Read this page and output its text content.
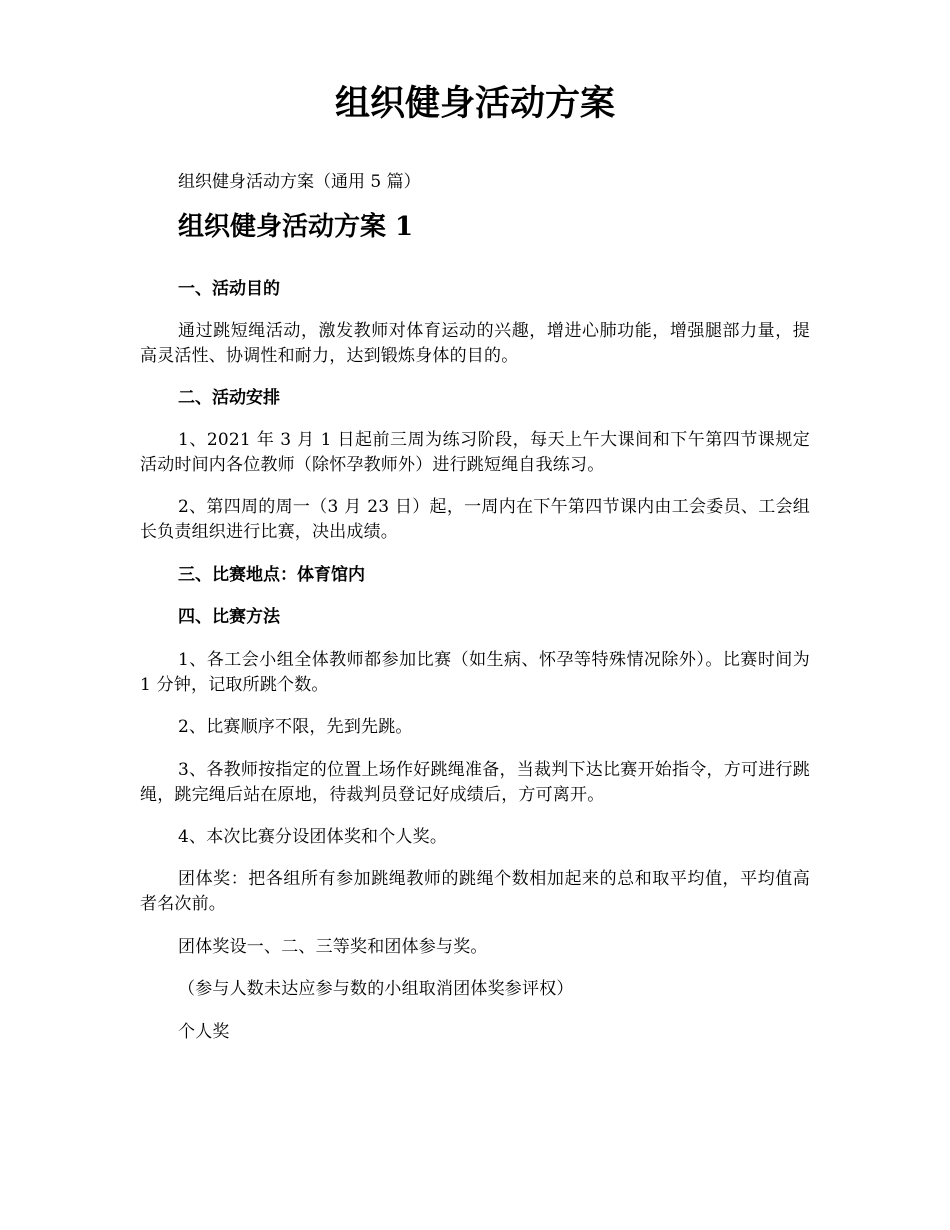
组织健身活动方案

组织健身活动方案（通用 5 篇）

组织健身活动方案 1
一、活动目的

通过跳短绳活动，激发教师对体育运动的兴趣，增进心肺功能，增强腿部力量，提高灵活性、协调性和耐力，达到锻炼身体的目的。

二、活动安排

1、2021 年 3 月 1 日起前三周为练习阶段，每天上午大课间和下午第四节课规定活动时间内各位教师（除怀孕教师外）进行跳短绳自我练习。

2、第四周的周一（3 月 23 日）起，一周内在下午第四节课内由工会委员、工会组长负责组织进行比赛，决出成绩。

三、比赛地点：体育馆内
四、比赛方法

1、各工会小组全体教师都参加比赛（如生病、怀孕等特殊情况除外）。比赛时间为 1 分钟，记取所跳个数。

2、比赛顺序不限，先到先跳。

3、各教师按指定的位置上场作好跳绳准备，当裁判下达比赛开始指令，方可进行跳绳，跳完绳后站在原地，待裁判员登记好成绩后，方可离开。

4、本次比赛分设团体奖和个人奖。

团体奖：把各组所有参加跳绳教师的跳绳个数相加起来的总和取平均值，平均值高者名次前。

团体奖设一、二、三等奖和团体参与奖。

（参与人数未达应参与数的小组取消团体奖参评权）

个人奖
